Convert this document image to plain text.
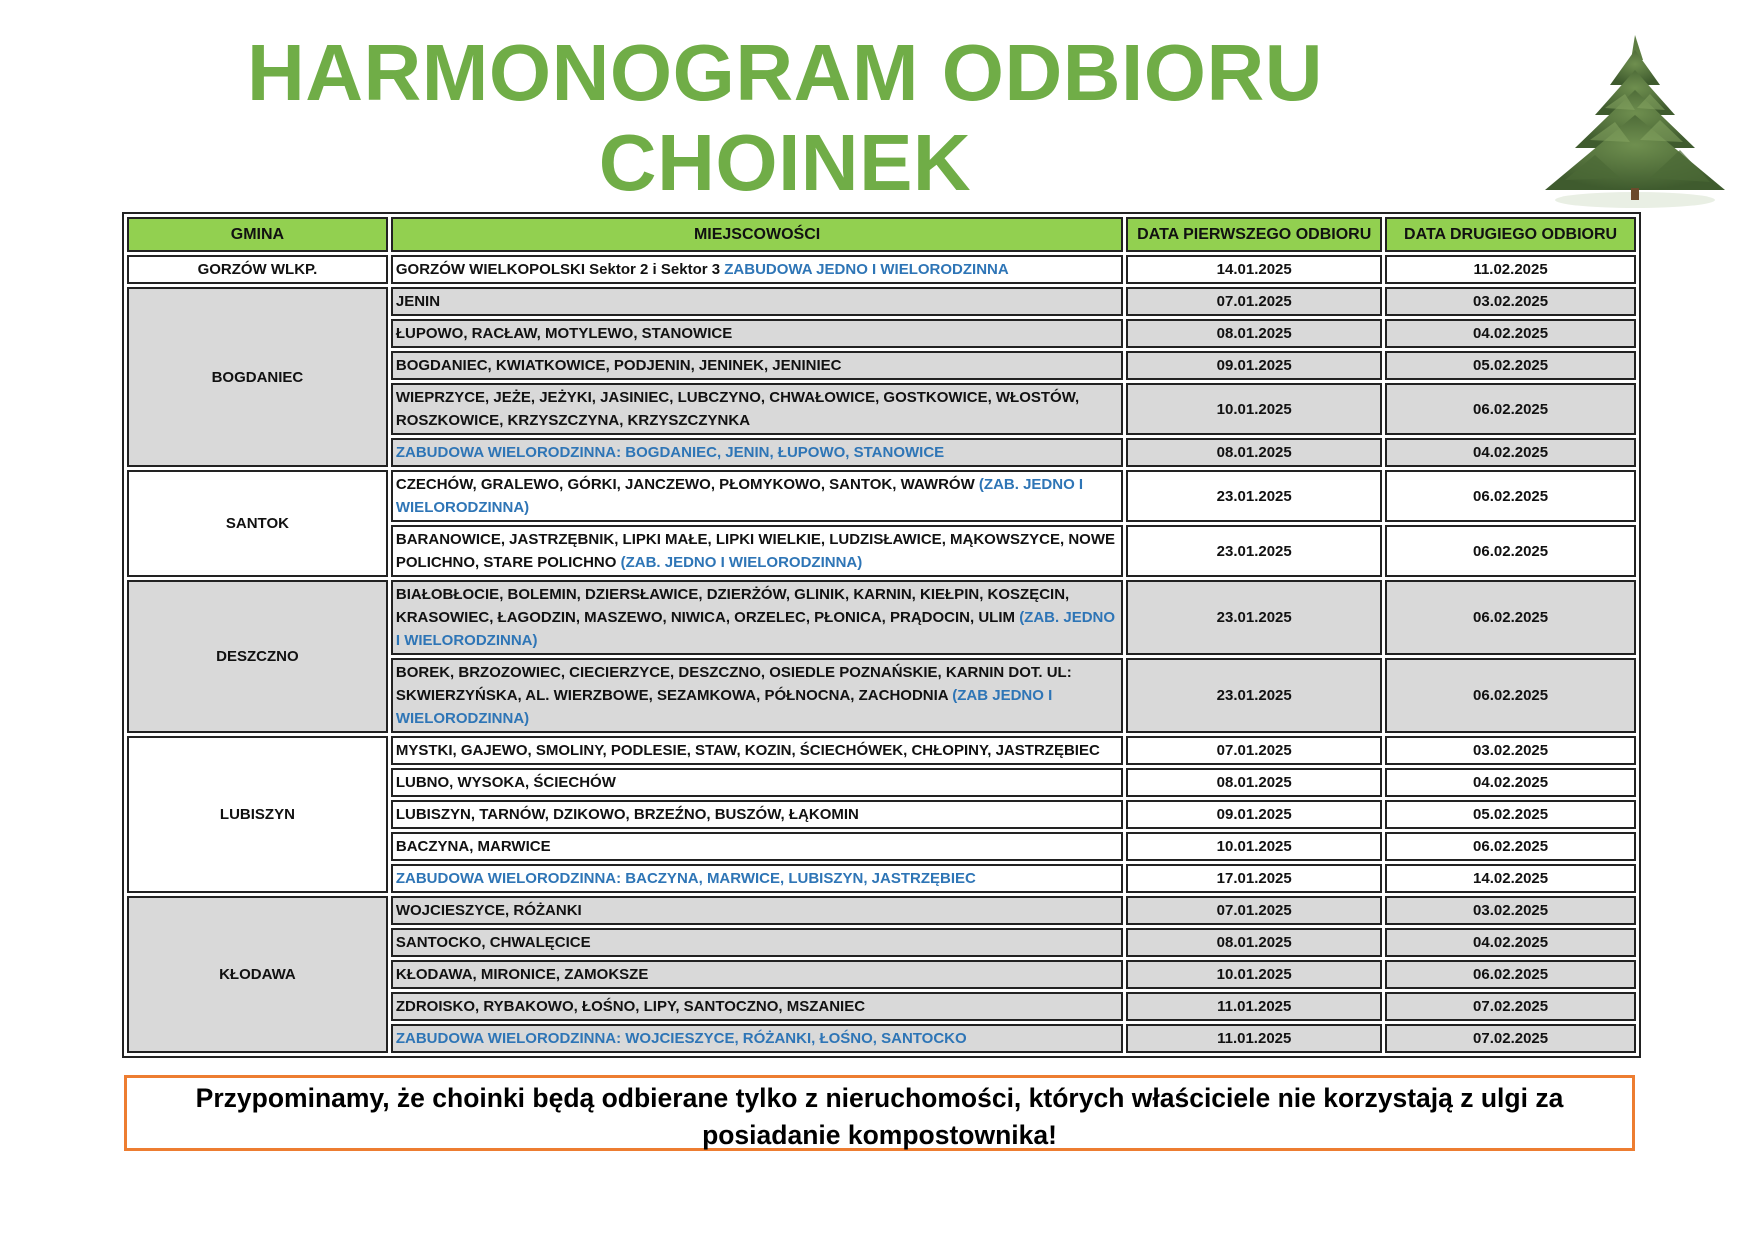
HARMONOGRAM ODBIORU CHOINEK
GMINA	MIEJSCOWOŚCI	DATA PIERWSZEGO ODBIORU	DATA DRUGIEGO ODBIORU
GORZÓW WLKP.	GORZÓW WIELKOPOLSKI Sektor 2 i Sektor 3 ZABUDOWA JEDNO I WIELORODZINNA	14.01.2025	11.02.2025
BOGDANIEC	JENIN	07.01.2025	03.02.2025
	ŁUPOWO, RACŁAW, MOTYLEWO, STANOWICE	08.01.2025	04.02.2025
	BOGDANIEC, KWIATKOWICE, PODJENIN, JENINEK, JENINIEC	09.01.2025	05.02.2025
	WIEPRZYCE, JEŻE, JEŻYKI, JASINIEC, LUBCZYNO, CHWAŁOWICE, GOSTKOWICE, WŁOSTÓW, ROSZKOWICE, KRZYSZCZYNA, KRZYSZCZYNKA	10.01.2025	06.02.2025
	ZABUDOWA WIELORODZINNA: BOGDANIEC, JENIN, ŁUPOWO, STANOWICE	08.01.2025	04.02.2025
SANTOK	CZECHÓW, GRALEWO, GÓRKI, JANCZEWO, PŁOMYKOWO, SANTOK, WAWRÓW (ZAB. JEDNO I WIELORODZINNA)	23.01.2025	06.02.2025
	BARANOWICE, JASTRZĘBNIK, LIPKI MAŁE, LIPKI WIELKIE, LUDZISŁAWICE, MĄKOWSZYCE, NOWE POLICHNO, STARE POLICHNO (ZAB. JEDNO I WIELORODZINNA)	23.01.2025	06.02.2025
DESZCZNO	BIAŁOBŁOCIE, BOLEMIN, DZIERSŁAWICE, DZIERŻÓW, GLINIK, KARNIN, KIEŁPIN, KOSZĘCIN, KRASOWIEC, ŁAGODZIN, MASZEWO, NIWICA, ORZELEC, PŁONICA, PRĄDOCIN, ULIM (ZAB. JEDNO I WIELORODZINNA)	23.01.2025	06.02.2025
	BOREK, BRZOZOWIEC, CIECIERZYCE, DESZCZNO, OSIEDLE POZNAŃSKIE, KARNIN DOT. UL: SKWIERZYŃSKA, AL. WIERZBOWE, SEZAMKOWA, PÓŁNOCNA, ZACHODNIA (ZAB JEDNO I WIELORODZINNA)	23.01.2025	06.02.2025
LUBISZYN	MYSTKI, GAJEWO, SMOLINY, PODLESIE, STAW, KOZIN, ŚCIECHÓWEK, CHŁOPINY, JASTRZĘBIEC	07.01.2025	03.02.2025
	LUBNO, WYSOKA, ŚCIECHÓW	08.01.2025	04.02.2025
	LUBISZYN, TARNÓW, DZIKOWO, BRZEŹNO, BUSZÓW, ŁĄKOMIN	09.01.2025	05.02.2025
	BACZYNA, MARWICE	10.01.2025	06.02.2025
	ZABUDOWA WIELORODZINNA: BACZYNA, MARWICE, LUBISZYN, JASTRZĘBIEC	17.01.2025	14.02.2025
KŁODAWA	WOJCIESZYCE, RÓŻANKI	07.01.2025	03.02.2025
	SANTOCKO, CHWALĘCICE	08.01.2025	04.02.2025
	KŁODAWA, MIRONICE, ZAMOKSZE	10.01.2025	06.02.2025
	ZDROISKO, RYBAKOWO, ŁOŚNO, LIPY, SANTOCZNO, MSZANIEC	11.01.2025	07.02.2025
	ZABUDOWA WIELORODZINNA: WOJCIESZYCE, RÓŻANKI, ŁOŚNO, SANTOCKO	11.01.2025	07.02.2025
Przypominamy, że choinki będą odbierane tylko z nieruchomości, których właściciele nie korzystają z ulgi za posiadanie kompostownika!
